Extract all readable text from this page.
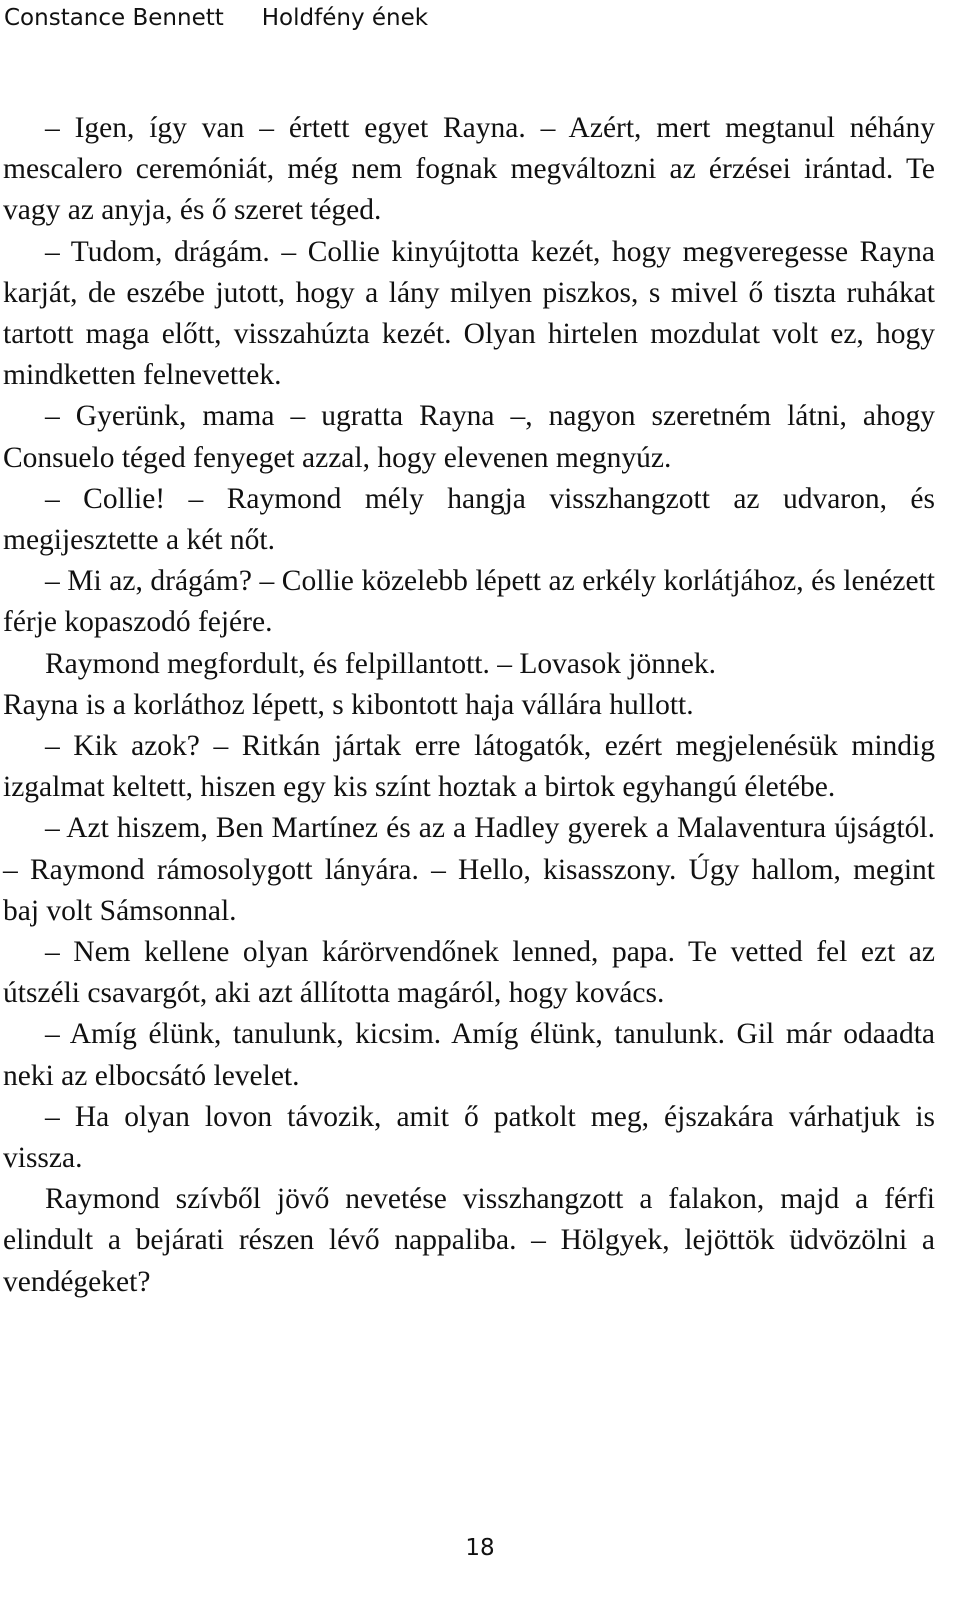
Constance Bennett Holdfény ének

– Igen, így van – értett egyet Rayna. – Azért, mert megtanul néhány mescalero ceremóniát, még nem fognak megváltozni az érzései irántad. Te vagy az anyja, és ő szeret téged.

– Tudom, drágám. – Collie kinyújtotta kezét, hogy megveregesse Rayna karját, de eszébe jutott, hogy a lány milyen piszkos, s mivel ő tiszta ruhákat tartott maga előtt, visszahúzta kezét. Olyan hirtelen mozdulat volt ez, hogy mindketten felnevettek.

– Gyerünk, mama – ugratta Rayna –, nagyon szeretném látni, ahogy Consuelo téged fenyeget azzal, hogy elevenen megnyúz.

– Collie! – Raymond mély hangja visszhangzott az udvaron, és megijesztette a két nőt.

– Mi az, drágám? – Collie közelebb lépett az erkély korlátjához, és lenézett férje kopaszodó fejére.

Raymond megfordult, és felpillantott. – Lovasok jönnek.

Rayna is a korláthoz lépett, s kibontott haja vállára hullott.

– Kik azok? – Ritkán jártak erre látogatók, ezért megjelenésük mindig izgalmat keltett, hiszen egy kis színt hoztak a birtok egyhangú életébe.

– Azt hiszem, Ben Martínez és az a Hadley gyerek a Malaventura újságtól. – Raymond rámosolygott lányára. – Hello, kisasszony. Úgy hallom, megint baj volt Sámsonnal.

– Nem kellene olyan kárörvendőnek lenned, papa. Te vetted fel ezt az útszéli csavargót, aki azt állította magáról, hogy kovács.

– Amíg élünk, tanulunk, kicsim. Amíg élünk, tanulunk. Gil már odaadta neki az elbocsátó levelet.

– Ha olyan lovon távozik, amit ő patkolt meg, éjszakára várhatjuk is vissza.

Raymond szívből jövő nevetése visszhangzott a falakon, majd a férfi elindult a bejárati részen lévő nappaliba. – Hölgyek, lejöttök üdvözölni a vendégeket?

18
